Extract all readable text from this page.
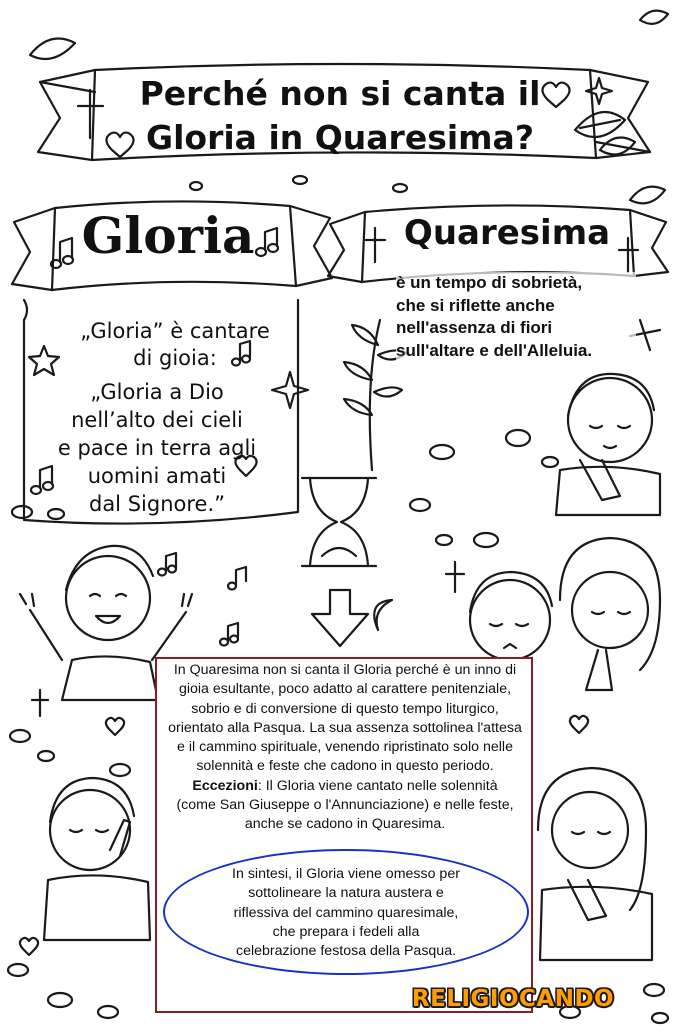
Perché non si canta il
Gloria in Quaresima?
Gloria	Quaresima
„Gloria” è cantare
di gioia:
„Gloria a Dio
nell’alto dei cieli
e pace in terra agli
uomini amati
dal Signore.”
è un tempo di sobrietà,
che si riflette anche
nell'assenza di fiori
sull'altare e dell'Alleluia.
In Quaresima non si canta il Gloria perché è un inno di
gioia esultante, poco adatto al carattere penitenziale,
sobrio e di conversione di questo tempo liturgico,
orientato alla Pasqua. La sua assenza sottolinea l'attesa
e il cammino spirituale, venendo ripristinato solo nelle
solennità e feste che cadono in questo periodo.
Eccezioni: Il Gloria viene cantato nelle solennità
(come San Giuseppe o l'Annunciazione) e nelle feste,
anche se cadono in Quaresima.
In sintesi, il Gloria viene omesso per
sottolineare la natura austera e
riflessiva del cammino quaresimale,
che prepara i fedeli alla
celebrazione festosa della Pasqua.
RELIGIOCANDO
